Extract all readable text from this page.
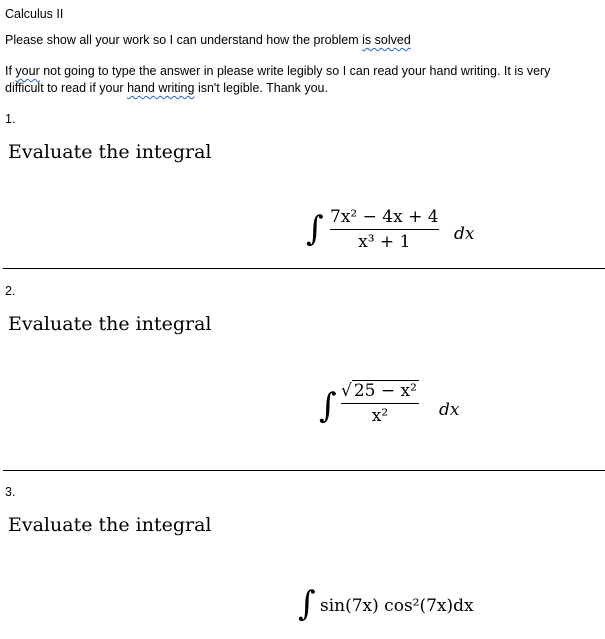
Calculus II
Please show all your work so I can understand how the problem is solved
If your not going to type the answer in please write legibly so I can read your hand writing. It is very
difficult to read if your hand writing isn't legible. Thank you.
1.
Evaluate the integral
∫ 7x² − 4x + 4
x³ + 1	dx
2.
Evaluate the integral
∫ √ 25 − x²
x²	dx
3.
Evaluate the integral
∫ sin(7x) cos²(7x)dx
